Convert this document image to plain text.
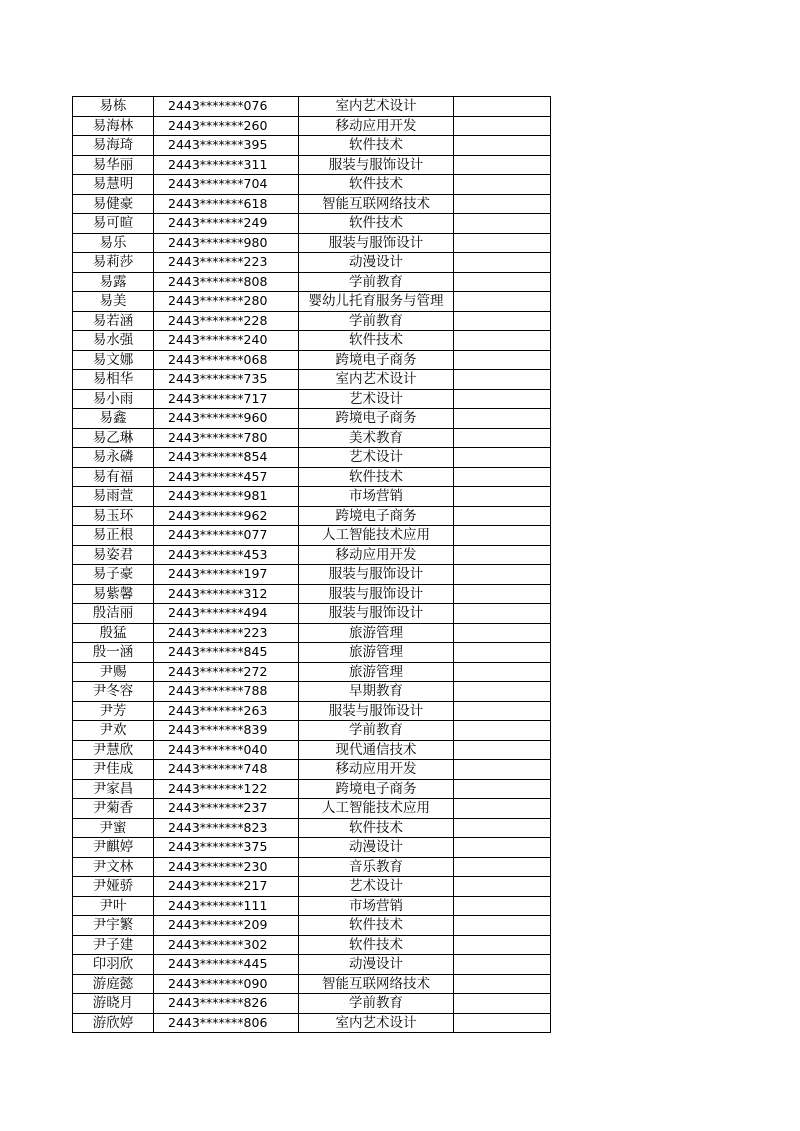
易栋	2443*******076	室内艺术设计	
易海林	2443*******260	移动应用开发	
易海琦	2443*******395	软件技术	
易华丽	2443*******311	服装与服饰设计	
易慧明	2443*******704	软件技术	
易健豪	2443*******618	智能互联网络技术	
易可暄	2443*******249	软件技术	
易乐	2443*******980	服装与服饰设计	
易莉莎	2443*******223	动漫设计	
易露	2443*******808	学前教育	
易美	2443*******280	婴幼儿托育服务与管理	
易若涵	2443*******228	学前教育	
易水强	2443*******240	软件技术	
易文娜	2443*******068	跨境电子商务	
易相华	2443*******735	室内艺术设计	
易小雨	2443*******717	艺术设计	
易鑫	2443*******960	跨境电子商务	
易乙琳	2443*******780	美术教育	
易永磷	2443*******854	艺术设计	
易有福	2443*******457	软件技术	
易雨萱	2443*******981	市场营销	
易玉环	2443*******962	跨境电子商务	
易正根	2443*******077	人工智能技术应用	
易姿君	2443*******453	移动应用开发	
易子豪	2443*******197	服装与服饰设计	
易紫馨	2443*******312	服装与服饰设计	
殷洁丽	2443*******494	服装与服饰设计	
殷猛	2443*******223	旅游管理	
殷一涵	2443*******845	旅游管理	
尹赐	2443*******272	旅游管理	
尹冬容	2443*******788	早期教育	
尹芳	2443*******263	服装与服饰设计	
尹欢	2443*******839	学前教育	
尹慧欣	2443*******040	现代通信技术	
尹佳成	2443*******748	移动应用开发	
尹家昌	2443*******122	跨境电子商务	
尹菊香	2443*******237	人工智能技术应用	
尹蜜	2443*******823	软件技术	
尹麒婷	2443*******375	动漫设计	
尹文林	2443*******230	音乐教育	
尹娅骄	2443*******217	艺术设计	
尹叶	2443*******111	市场营销	
尹宇繁	2443*******209	软件技术	
尹子建	2443*******302	软件技术	
印羽欣	2443*******445	动漫设计	
游庭懿	2443*******090	智能互联网络技术	
游晓月	2443*******826	学前教育	
游欣婷	2443*******806	室内艺术设计	
